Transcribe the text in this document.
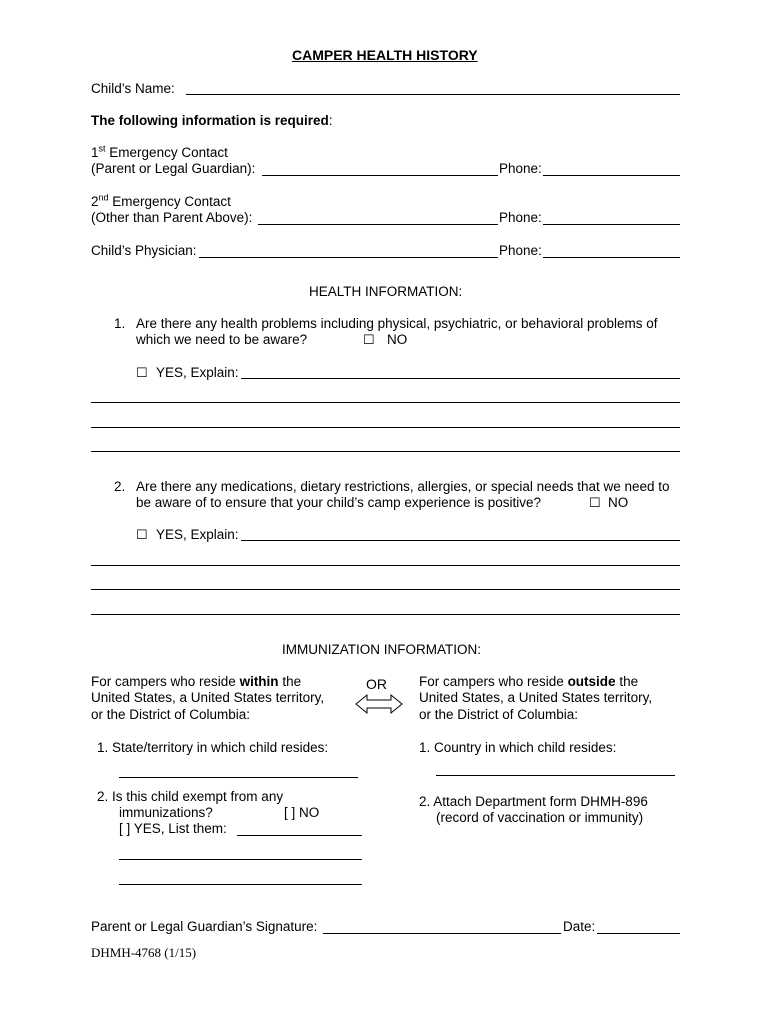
CAMPER HEALTH HISTORY
Child’s Name:
The following information is required:
1st Emergency Contact
(Parent or Legal Guardian):	Phone:
2nd Emergency Contact
(Other than Parent Above):	Phone:
Child’s Physician:	Phone:
HEALTH INFORMATION:
1. Are there any health problems including physical, psychiatric, or behavioral problems of
which we need to be aware?	☐ NO
☐ YES, Explain:
2. Are there any medications, dietary restrictions, allergies, or special needs that we need to
be aware of to ensure that your child’s camp experience is positive?	☐ NO
☐ YES, Explain:
IMMUNIZATION INFORMATION:
For campers who reside within the
United States, a United States territory,
or the District of Columbia:
1. State/territory in which child resides:
2. Is this child exempt from any
immunizations?	[ ] NO
[ ] YES, List them:
OR For campers who reside outside the
United States, a United States territory,
or the District of Columbia:
1. Country in which child resides:
2. Attach Department form DHMH-896
(record of vaccination or immunity)
Parent or Legal Guardian’s Signature:	Date:
DHMH-4768 (1/15)
